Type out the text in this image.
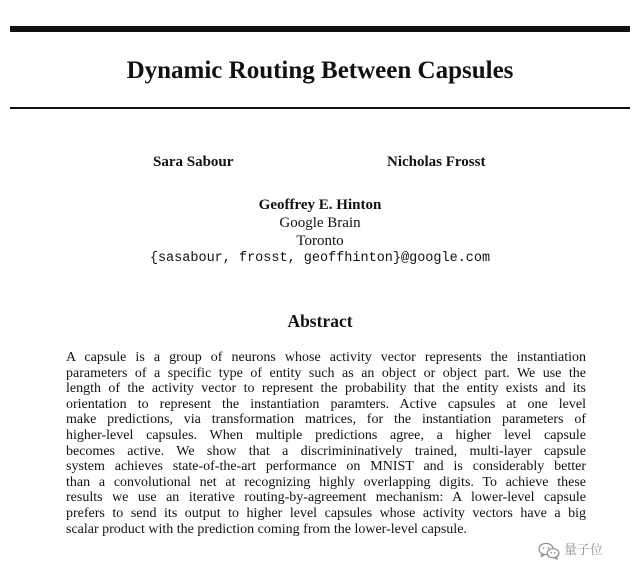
Dynamic Routing Between Capsules
Sara Sabour	Nicholas Frosst
Geoffrey E. Hinton
Google Brain
Toronto
{sasabour, frosst, geoffhinton}@google.com
Abstract
A capsule is a group of neurons whose activity vector represents the instantiation
parameters of a specific type of entity such as an object or object part. We use the
length of the activity vector to represent the probability that the entity exists and its
orientation to represent the instantiation paramters. Active capsules at one level
make predictions, via transformation matrices, for the instantiation parameters of
higher-level capsules. When multiple predictions agree, a higher level capsule
becomes active. We show that a discrimininatively trained, multi-layer capsule
system achieves state-of-the-art performance on MNIST and is considerably better
than a convolutional net at recognizing highly overlapping digits. To achieve these
results we use an iterative routing-by-agreement mechanism: A lower-level capsule
prefers to send its output to higher level capsules whose activity vectors have a big
scalar product with the prediction coming from the lower-level capsule.
量子位
